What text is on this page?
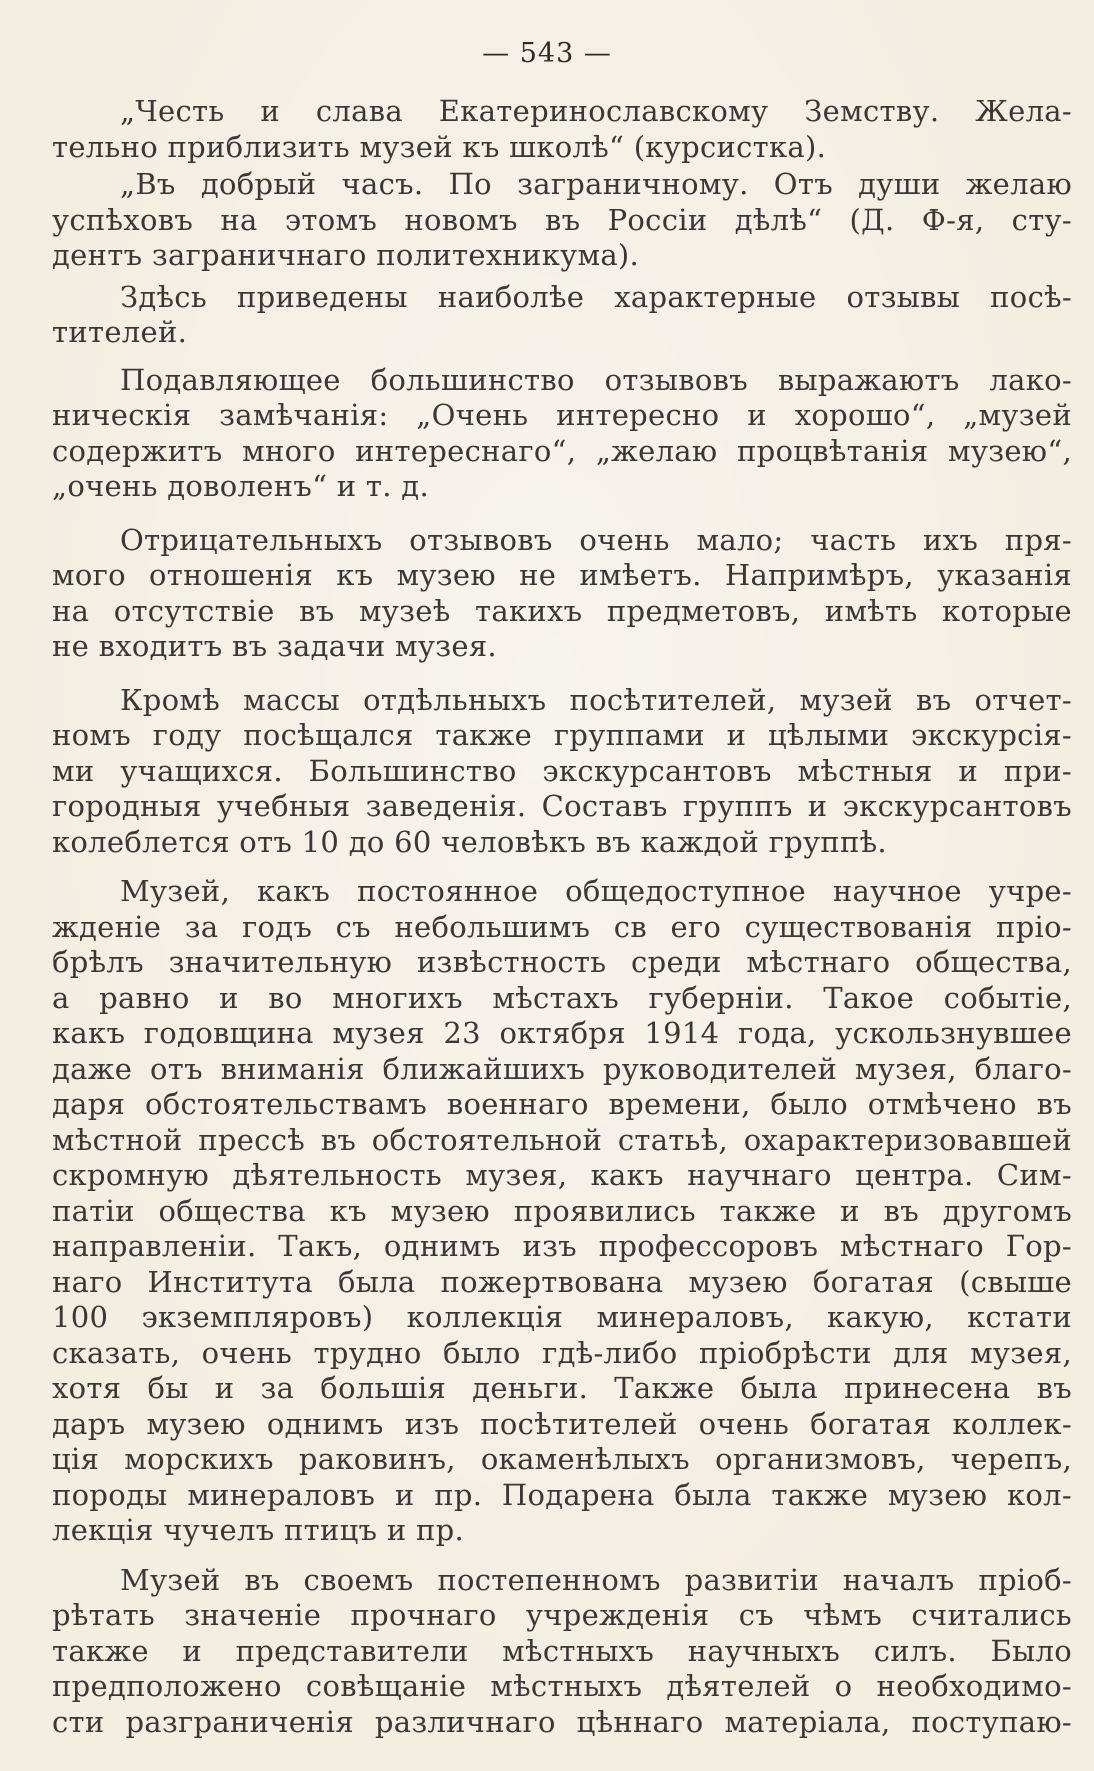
— 543 —
„Честь и слава Екатеринославскому Земству. Жела-
тельно приблизить музей къ школѣ“ (курсистка).
„Въ добрый часъ. По заграничному. Отъ души желаю
успѣховъ на этомъ новомъ въ Россіи дѣлѣ“ (Д. Ф-я, сту-
дентъ заграничнаго политехникума).
Здѣсь приведены наиболѣе характерные отзывы посѣ-
тителей.
Подавляющее большинство отзывовъ выражаютъ лако-
ническія замѣчанія: „Очень интересно и хорошо“, „музей
содержитъ много интереснаго“, „желаю процвѣтанія музею“,
„очень доволенъ“ и т. д.
Отрицательныхъ отзывовъ очень мало; часть ихъ пря-
мого отношенія къ музею не имѣетъ. Напримѣръ, указанія
на отсутствіе въ музеѣ такихъ предметовъ, имѣть которые
не входитъ въ задачи музея.
Кромѣ массы отдѣльныхъ посѣтителей, музей въ отчет-
номъ году посѣщался также группами и цѣлыми экскурсія-
ми учащихся. Большинство экскурсантовъ мѣстныя и при-
городныя учебныя заведенія. Составъ группъ и экскурсантовъ
колеблется отъ 10 до 60 человѣкъ въ каждой группѣ.
Музей, какъ постоянное общедоступное научное учре-
жденіе за годъ съ небольшимъ св его существованія пріо-
брѣлъ значительную извѣстность среди мѣстнаго общества,
а равно и во многихъ мѣстахъ губерніи. Такое событіе,
какъ годовщина музея 23 октября 1914 года, ускользнувшее
даже отъ вниманія ближайшихъ руководителей музея, благо-
даря обстоятельствамъ военнаго времени, было отмѣчено въ
мѣстной прессѣ въ обстоятельной статьѣ, охарактеризовавшей
скромную дѣятельность музея, какъ научнаго центра. Сим-
патіи общества къ музею проявились также и въ другомъ
направленіи. Такъ, однимъ изъ профессоровъ мѣстнаго Гор-
наго Института была пожертвована музею богатая (свыше
100 экземпляровъ) коллекція минераловъ, какую, кстати
сказать, очень трудно было гдѣ-либо пріобрѣсти для музея,
хотя бы и за большія деньги. Также была принесена въ
даръ музею однимъ изъ посѣтителей очень богатая коллек-
ція морскихъ раковинъ, окаменѣлыхъ организмовъ, черепъ,
породы минераловъ и пр. Подарена была также музею кол-
лекція чучелъ птицъ и пр.
Музей въ своемъ постепенномъ развитіи началъ пріоб-
рѣтать значеніе прочнаго учрежденія съ чѣмъ считались
также и представители мѣстныхъ научныхъ силъ. Было
предположено совѣщаніе мѣстныхъ дѣятелей о необходимо-
сти разграниченія различнаго цѣннаго матеріала, поступаю-
